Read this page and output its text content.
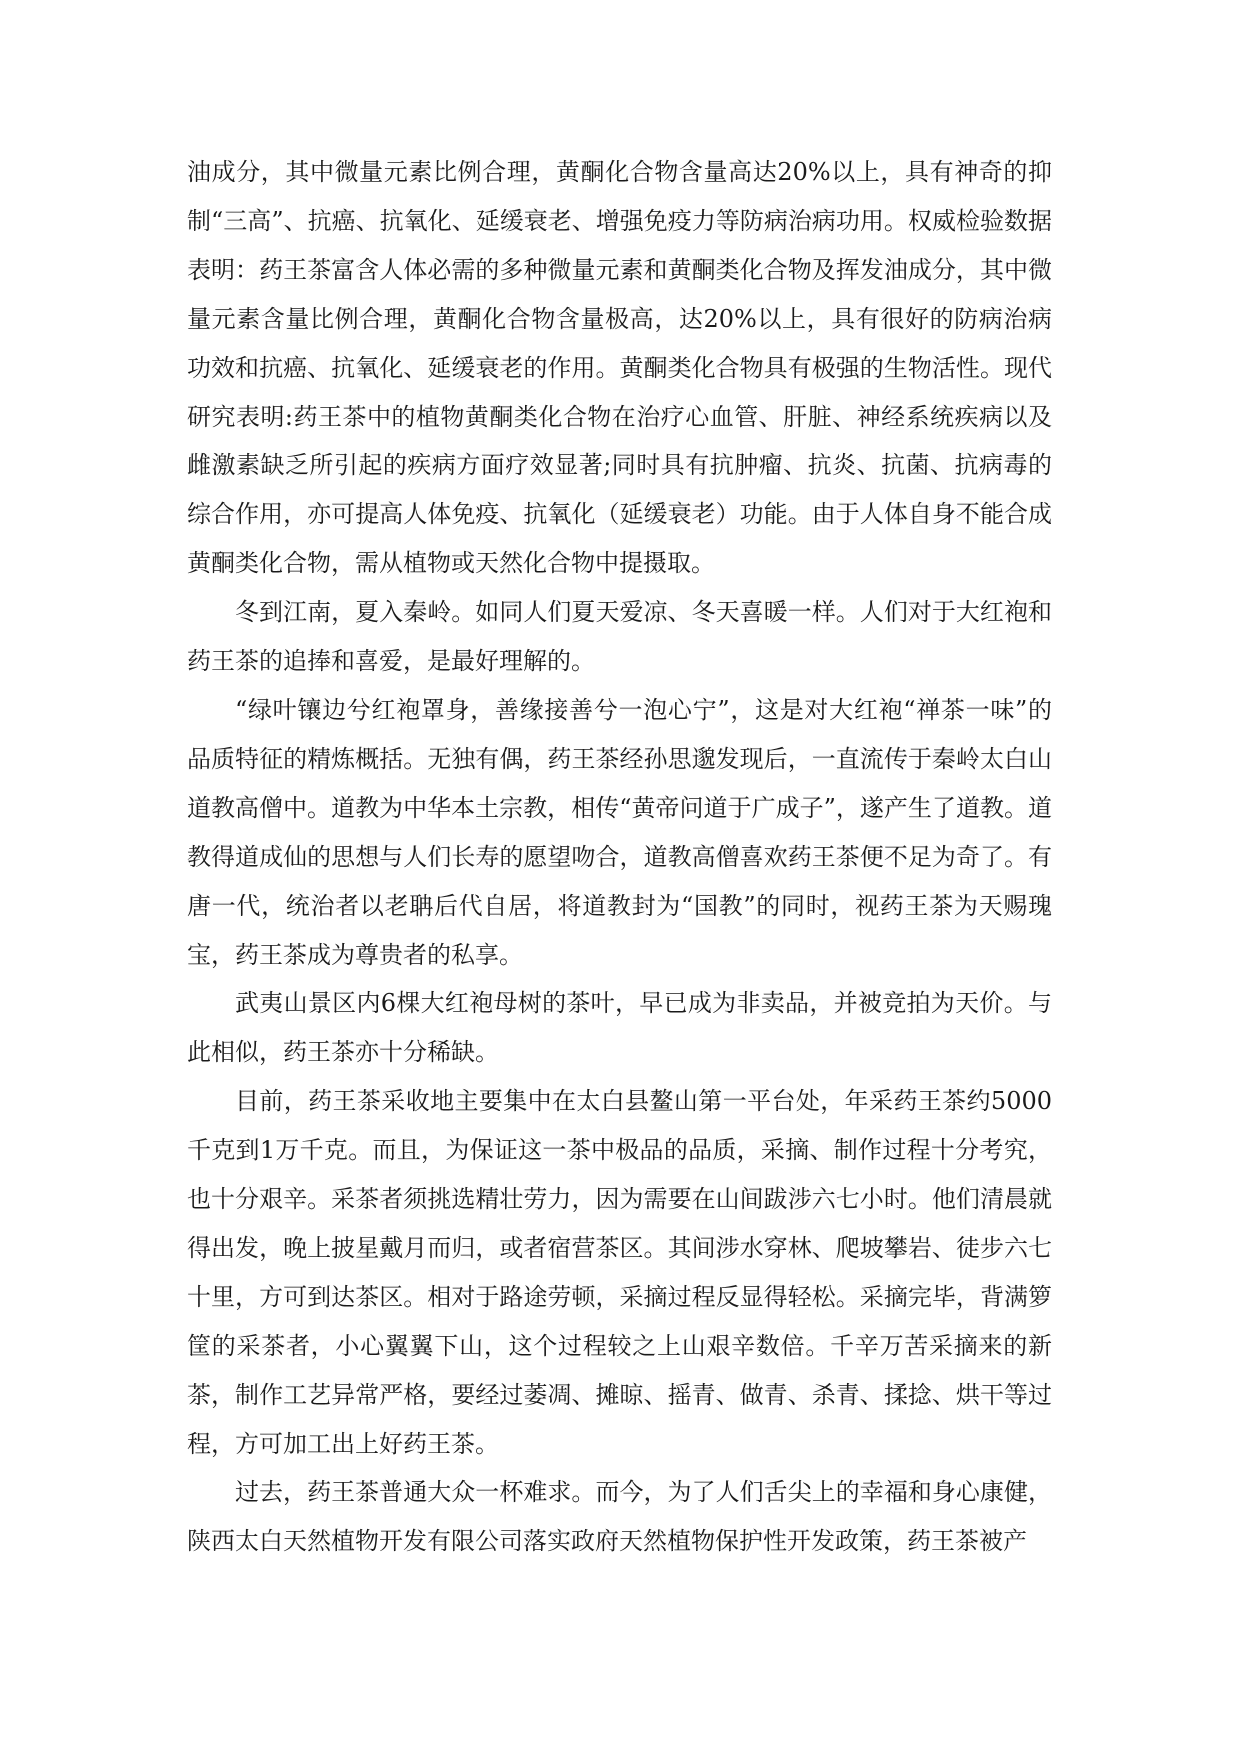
油成分，其中微量元素比例合理，黄酮化合物含量高达20%以上，具有神奇的抑制“三高”、抗癌、抗氧化、延缓衰老、增强免疫力等防病治病功用。权威检验数据表明：药王茶富含人体必需的多种微量元素和黄酮类化合物及挥发油成分，其中微量元素含量比例合理，黄酮化合物含量极高，达20%以上，具有很好的防病治病功效和抗癌、抗氧化、延缓衰老的作用。黄酮类化合物具有极强的生物活性。现代研究表明:药王茶中的植物黄酮类化合物在治疗心血管、肝脏、神经系统疾病以及雌激素缺乏所引起的疾病方面疗效显著;同时具有抗肿瘤、抗炎、抗菌、抗病毒的综合作用，亦可提高人体免疫、抗氧化（延缓衰老）功能。由于人体自身不能合成黄酮类化合物，需从植物或天然化合物中提摄取。

冬到江南，夏入秦岭。如同人们夏天爱凉、冬天喜暖一样。人们对于大红袍和药王茶的追捧和喜爱，是最好理解的。

“绿叶镶边兮红袍罩身，善缘接善兮一泡心宁”，这是对大红袍“禅茶一味”的品质特征的精炼概括。无独有偶，药王茶经孙思邈发现后，一直流传于秦岭太白山道教高僧中。道教为中华本土宗教，相传“黄帝问道于广成子”，遂产生了道教。道教得道成仙的思想与人们长寿的愿望吻合，道教高僧喜欢药王茶便不足为奇了。有唐一代，统治者以老聃后代自居，将道教封为“国教”的同时，视药王茶为天赐瑰宝，药王茶成为尊贵者的私享。

武夷山景区内6棵大红袍母树的茶叶，早已成为非卖品，并被竞拍为天价。与此相似，药王茶亦十分稀缺。

目前，药王茶采收地主要集中在太白县鳌山第一平台处，年采药王茶约5000千克到1万千克。而且，为保证这一茶中极品的品质，采摘、制作过程十分考究，也十分艰辛。采茶者须挑选精壮劳力，因为需要在山间跋涉六七小时。他们清晨就得出发，晚上披星戴月而归，或者宿营茶区。其间涉水穿林、爬坡攀岩、徒步六七十里，方可到达茶区。相对于路途劳顿，采摘过程反显得轻松。采摘完毕，背满箩筐的采茶者，小心翼翼下山，这个过程较之上山艰辛数倍。千辛万苦采摘来的新茶，制作工艺异常严格，要经过萎凋、摊晾、摇青、做青、杀青、揉捻、烘干等过程，方可加工出上好药王茶。

过去，药王茶普通大众一杯难求。而今，为了人们舌尖上的幸福和身心康健，陕西太白天然植物开发有限公司落实政府天然植物保护性开发政策，药王茶被产
